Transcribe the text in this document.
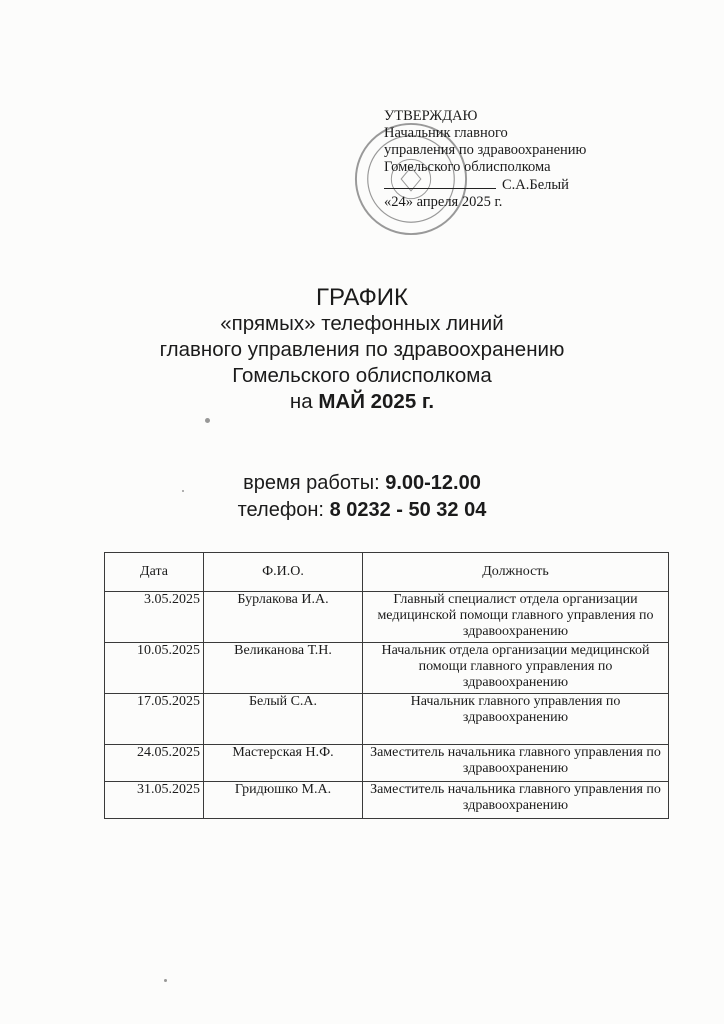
УТВЕРЖДАЮ
Начальник главного
управления по здравоохранению
Гомельского облисполкома
С.А.Белый
«24» апреля 2025 г.
ГРАФИК
«прямых» телефонных линий
главного управления по здравоохранению
Гомельского облисполкома
на МАЙ 2025 г.
время работы: 9.00-12.00
телефон: 8 0232 - 50 32 04
Дата	Ф.И.О.	Должность
3.05.2025	Бурлакова И.А.	Главный специалист отдела организации медицинской помощи главного управления по здравоохранению
10.05.2025	Великанова Т.Н.	Начальник отдела организации медицинской помощи главного управления по здравоохранению
17.05.2025	Белый С.А.	Начальник главного управления по здравоохранению
24.05.2025	Мастерская Н.Ф.	Заместитель начальника главного управления по здравоохранению
31.05.2025	Гридюшко М.А.	Заместитель начальника главного управления по здравоохранению
